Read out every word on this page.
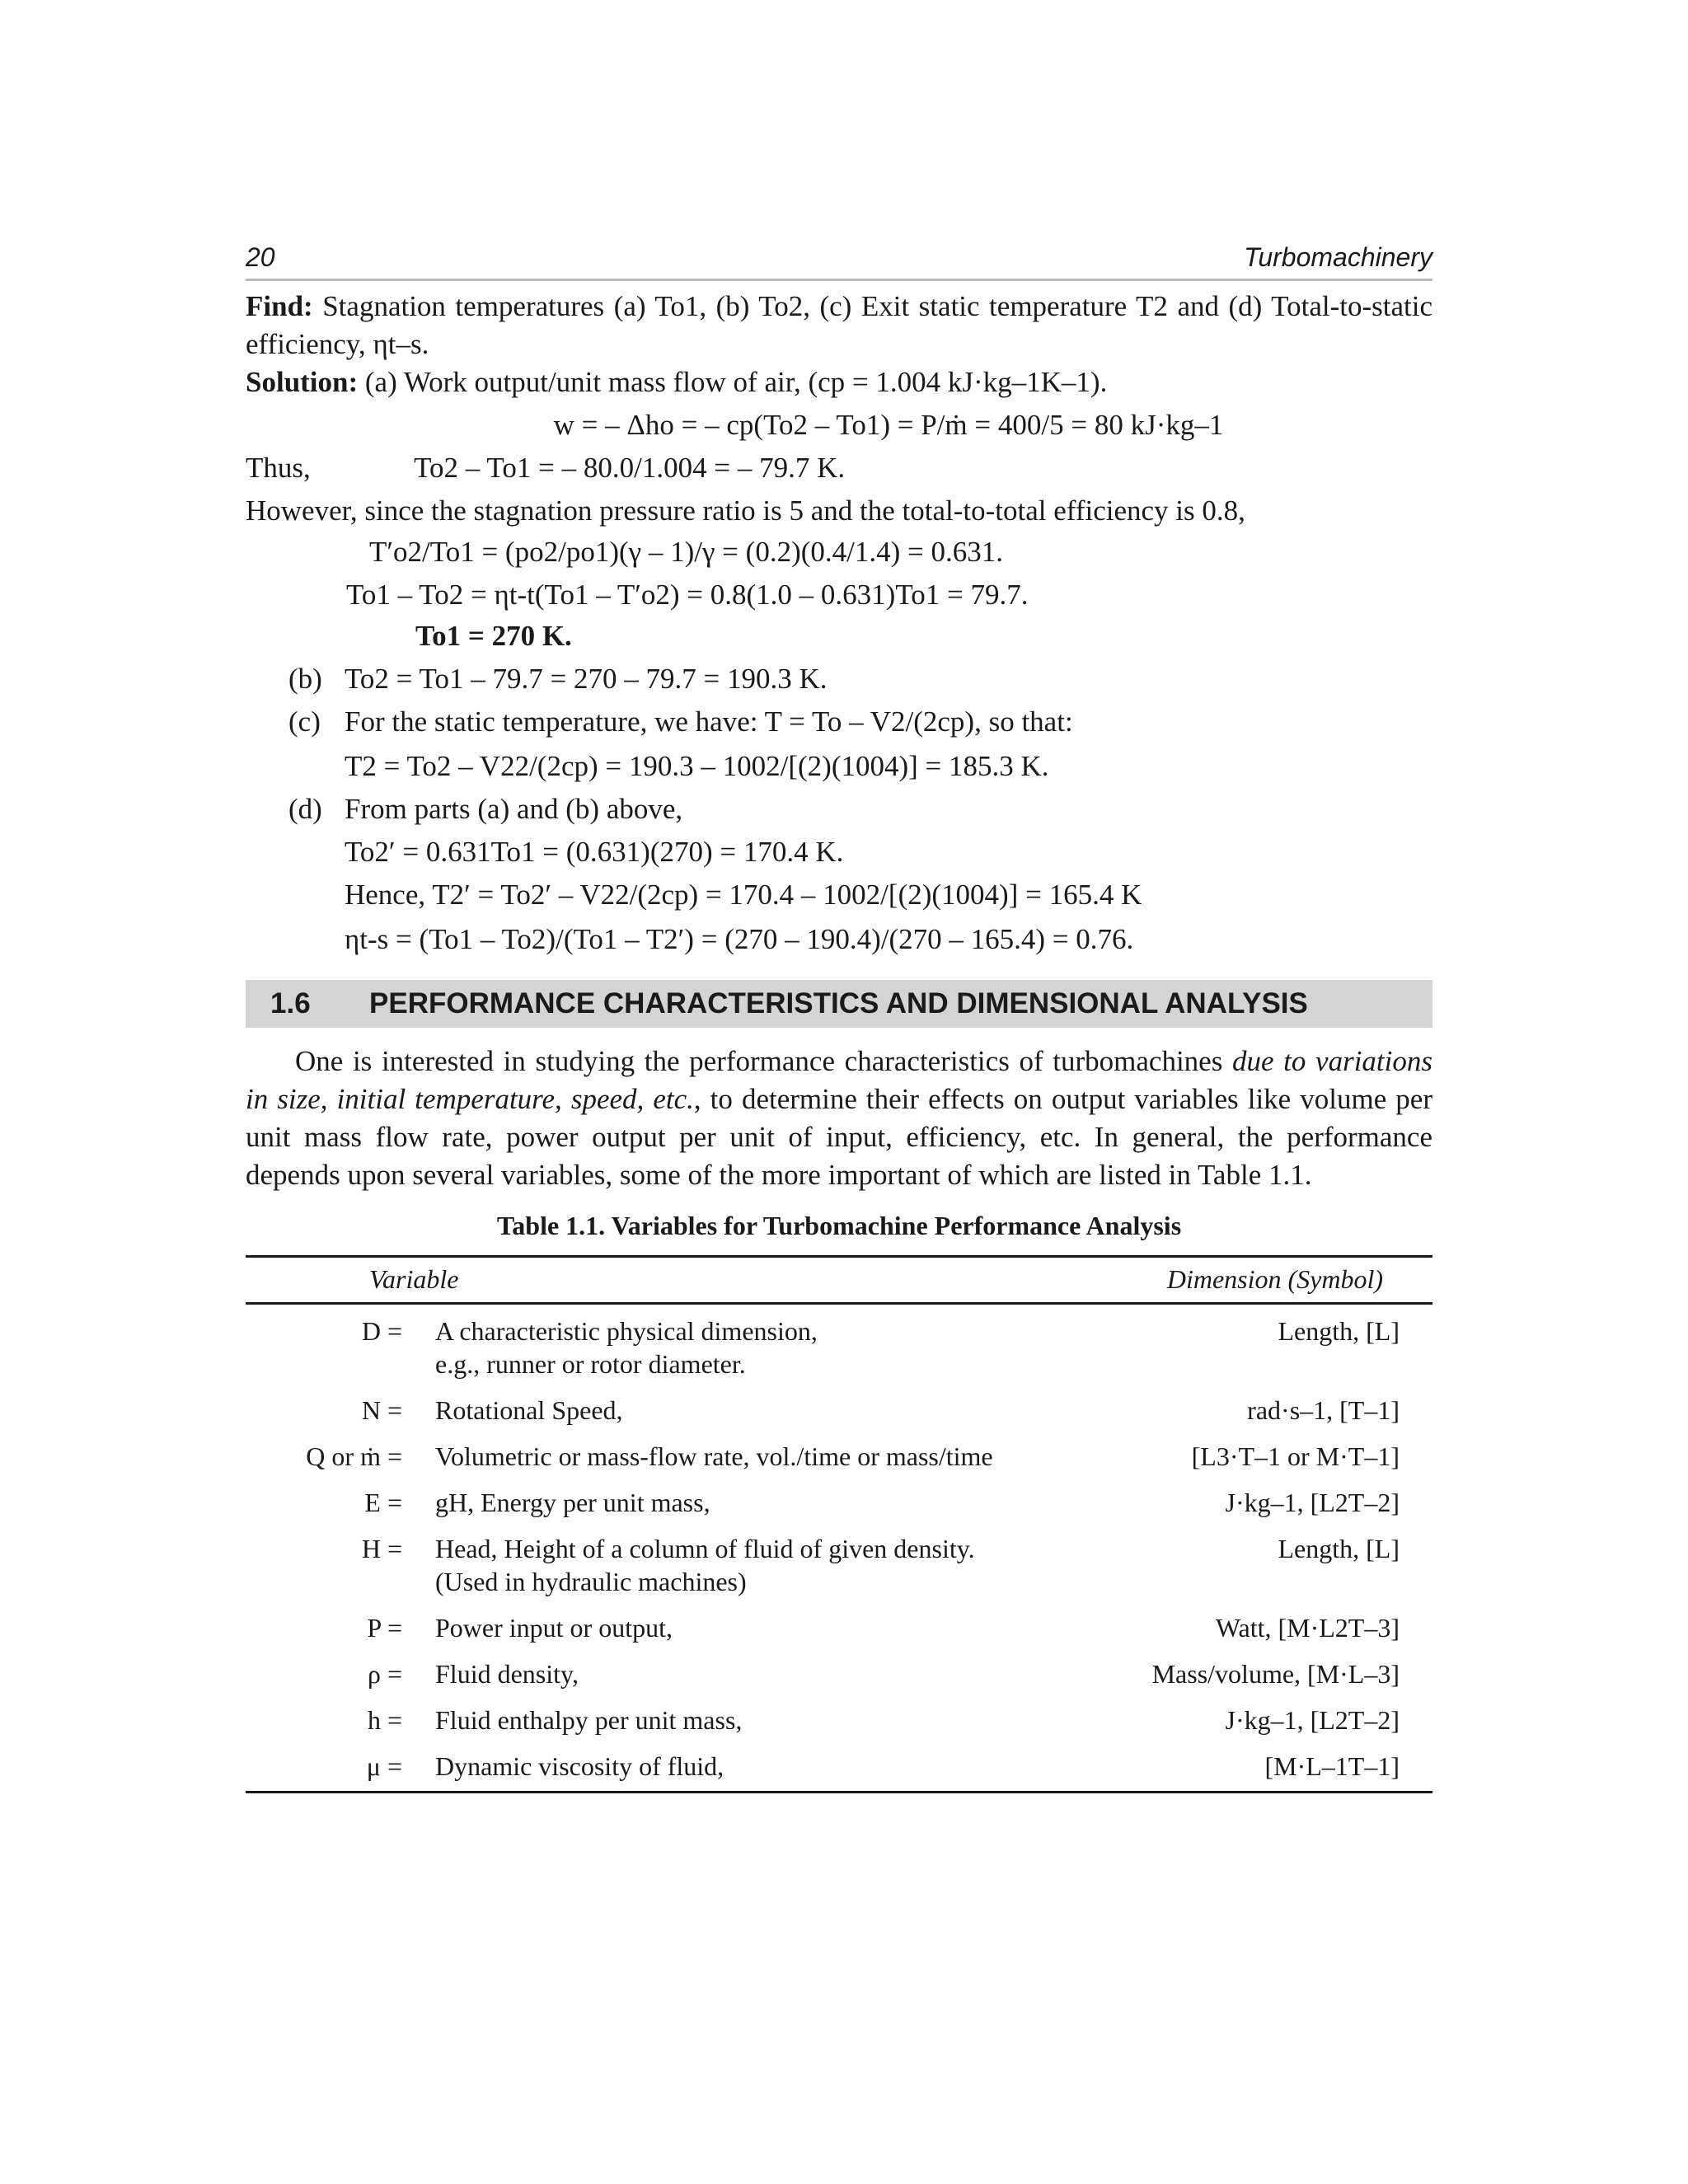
20	Turbomachinery
Find: Stagnation temperatures (a) To1, (b) To2, (c) Exit static temperature T2 and (d) Total-to-static efficiency, ηt–s.
Solution: (a) Work output/unit mass flow of air, (cp = 1.004 kJ·kg–1K–1).
w = – Δho = – cp(To2 – To1) = P/ṁ = 400/5 = 80 kJ·kg–1
Thus,	To2 – To1 = – 80.0/1.004 = – 79.7 K.
However, since the stagnation pressure ratio is 5 and the total-to-total efficiency is 0.8,
T′o2/To1 = (po2/po1)(γ – 1)/γ = (0.2)(0.4/1.4) = 0.631.
To1 – To2 = ηt-t(To1 – T′o2) = 0.8(1.0 – 0.631)To1 = 79.7.
To1 = 270 K.
(b) To2 = To1 – 79.7 = 270 – 79.7 = 190.3 K.
(c) For the static temperature, we have: T = To – V2/(2cp), so that:
T2 = To2 – V22/(2cp) = 190.3 – 1002/[(2)(1004)] = 185.3 K.
(d) From parts (a) and (b) above,
To2′ = 0.631To1 = (0.631)(270) = 170.4 K.
Hence, T2′ = To2′ – V22/(2cp) = 170.4 – 1002/[(2)(1004)] = 165.4 K
ηt-s = (To1 – To2)/(To1 – T2′) = (270 – 190.4)/(270 – 165.4) = 0.76.
1.6	PERFORMANCE CHARACTERISTICS AND DIMENSIONAL ANALYSIS

One is interested in studying the performance characteristics of turbomachines due to variations in size, initial temperature, speed, etc., to determine their effects on output variables like volume per unit mass flow rate, power output per unit of input, efficiency, etc. In general, the performance depends upon several variables, some of the more important of which are listed in Table 1.1.

Table 1.1. Variables for Turbomachine Performance Analysis
Variable		Dimension (Symbol)
D =	A characteristic physical dimension,
e.g., runner or rotor diameter.	Length, [L]
N =	Rotational Speed,	rad·s–1, [T–1]
Q or ṁ =	Volumetric or mass-flow rate, vol./time or mass/time	[L3·T–1 or M·T–1]
E =	gH, Energy per unit mass,	J·kg–1, [L2T–2]
H =	Head, Height of a column of fluid of given density.
(Used in hydraulic machines)	Length, [L]
P =	Power input or output,	Watt, [M·L2T–3]
ρ =	Fluid density,	Mass/volume, [M·L–3]
h =	Fluid enthalpy per unit mass,	J·kg–1, [L2T–2]
μ =	Dynamic viscosity of fluid,	[M·L–1T–1]
